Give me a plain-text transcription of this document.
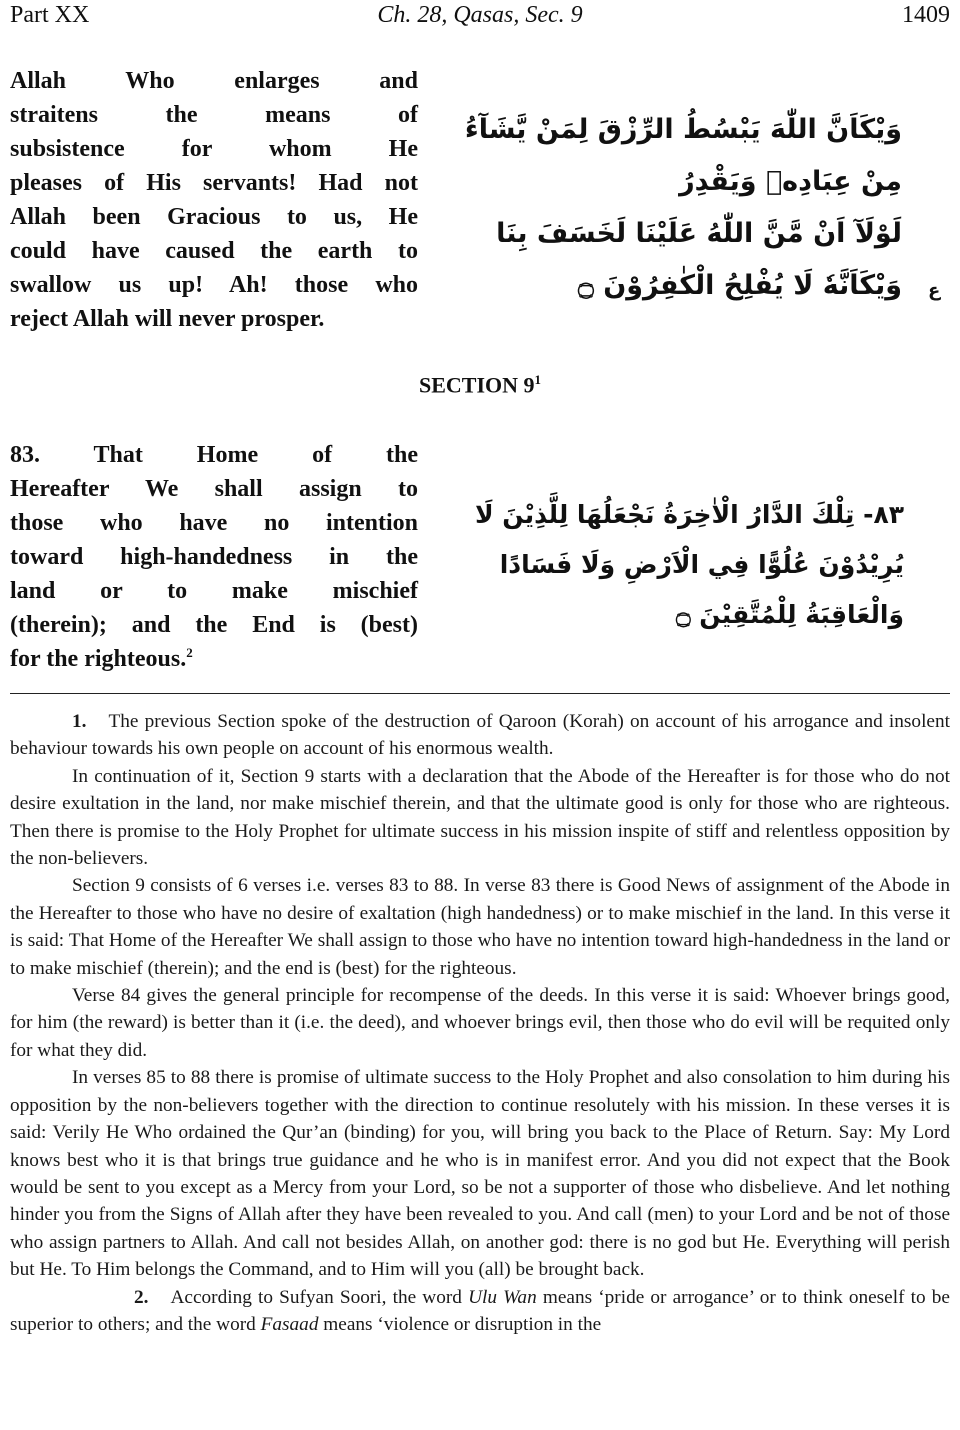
Part XX	Ch. 28, Qasas, Sec. 9	1409
Allah Who enlarges and
straitens the means of
subsistence for whom He
pleases of His servants! Had not
Allah been Gracious to us, He
could have caused the earth to
swallow us up! Ah! those who
reject Allah will never prosper.
وَيْكَاَنَّ اللّٰهَ يَبْسُطُ الرِّزْقَ لِمَنْ يَّشَآءُ
مِنْ عِبَادِهٖ وَيَقْدِرُ
لَوْلَآ اَنْ مَّنَّ اللّٰهُ عَلَيْنَا لَخَسَفَ بِنَا
وَيْكَاَنَّهٗ لَا يُفْلِحُ الْكٰفِرُوْنَ ۝ ع
SECTION $9^1$
83. That Home of the
Hereafter We shall assign to
those who have no intention
toward high-handedness in the
land or to make mischief
(therein); and the End is (best)
for the righteous.$^2$
٨٣- تِلْكَ الدَّارُ الْاٰخِرَةُ نَجْعَلُهَا لِلَّذِيْنَ لَا
يُرِيْدُوْنَ عُلُوًّا فِي الْاَرْضِ وَلَا فَسَادًا
وَالْعَاقِبَةُ لِلْمُتَّقِيْنَ ۝

1. The previous Section spoke of the destruction of Qaroon (Korah) on account of his arrogance and insolent behaviour towards his own people on account of his enormous wealth.

In continuation of it, Section 9 starts with a declaration that the Abode of the Hereafter is for those who do not desire exultation in the land, nor make mischief therein, and that the ultimate good is only for those who are righteous. Then there is promise to the Holy Prophet for ultimate success in his mission inspite of stiff and relentless opposition by the non-believers.

Section 9 consists of 6 verses i.e. verses 83 to 88. In verse 83 there is Good News of assignment of the Abode in the Hereafter to those who have no desire of exaltation (high handedness) or to make mischief in the land. In this verse it is said: That Home of the Hereafter We shall assign to those who have no intention toward high-handedness in the land or to make mischief (therein); and the end is (best) for the righteous.

Verse 84 gives the general principle for recompense of the deeds. In this verse it is said: Whoever brings good, for him (the reward) is better than it (i.e. the deed), and whoever brings evil, then those who do evil will be requited only for what they did.

In verses 85 to 88 there is promise of ultimate success to the Holy Prophet and also consolation to him during his opposition by the non-believers together with the direction to continue resolutely with his mission. In these verses it is said: Verily He Who ordained the Qur’an (binding) for you, will bring you back to the Place of Return. Say: My Lord knows best who it is that brings true guidance and he who is in manifest error. And you did not expect that the Book would be sent to you except as a Mercy from your Lord, so be not a supporter of those who disbelieve. And let nothing hinder you from the Signs of Allah after they have been revealed to you. And call (men) to your Lord and be not of those who assign partners to Allah. And call not besides Allah, on another god: there is no god but He. Everything will perish but He. To Him belongs the Command, and to Him will you (all) be brought back.

2. According to Sufyan Soori, the word Ulu Wan means ‘pride or arrogance’ or to think oneself to be superior to others; and the word Fasaad means ‘violence or disruption in the
